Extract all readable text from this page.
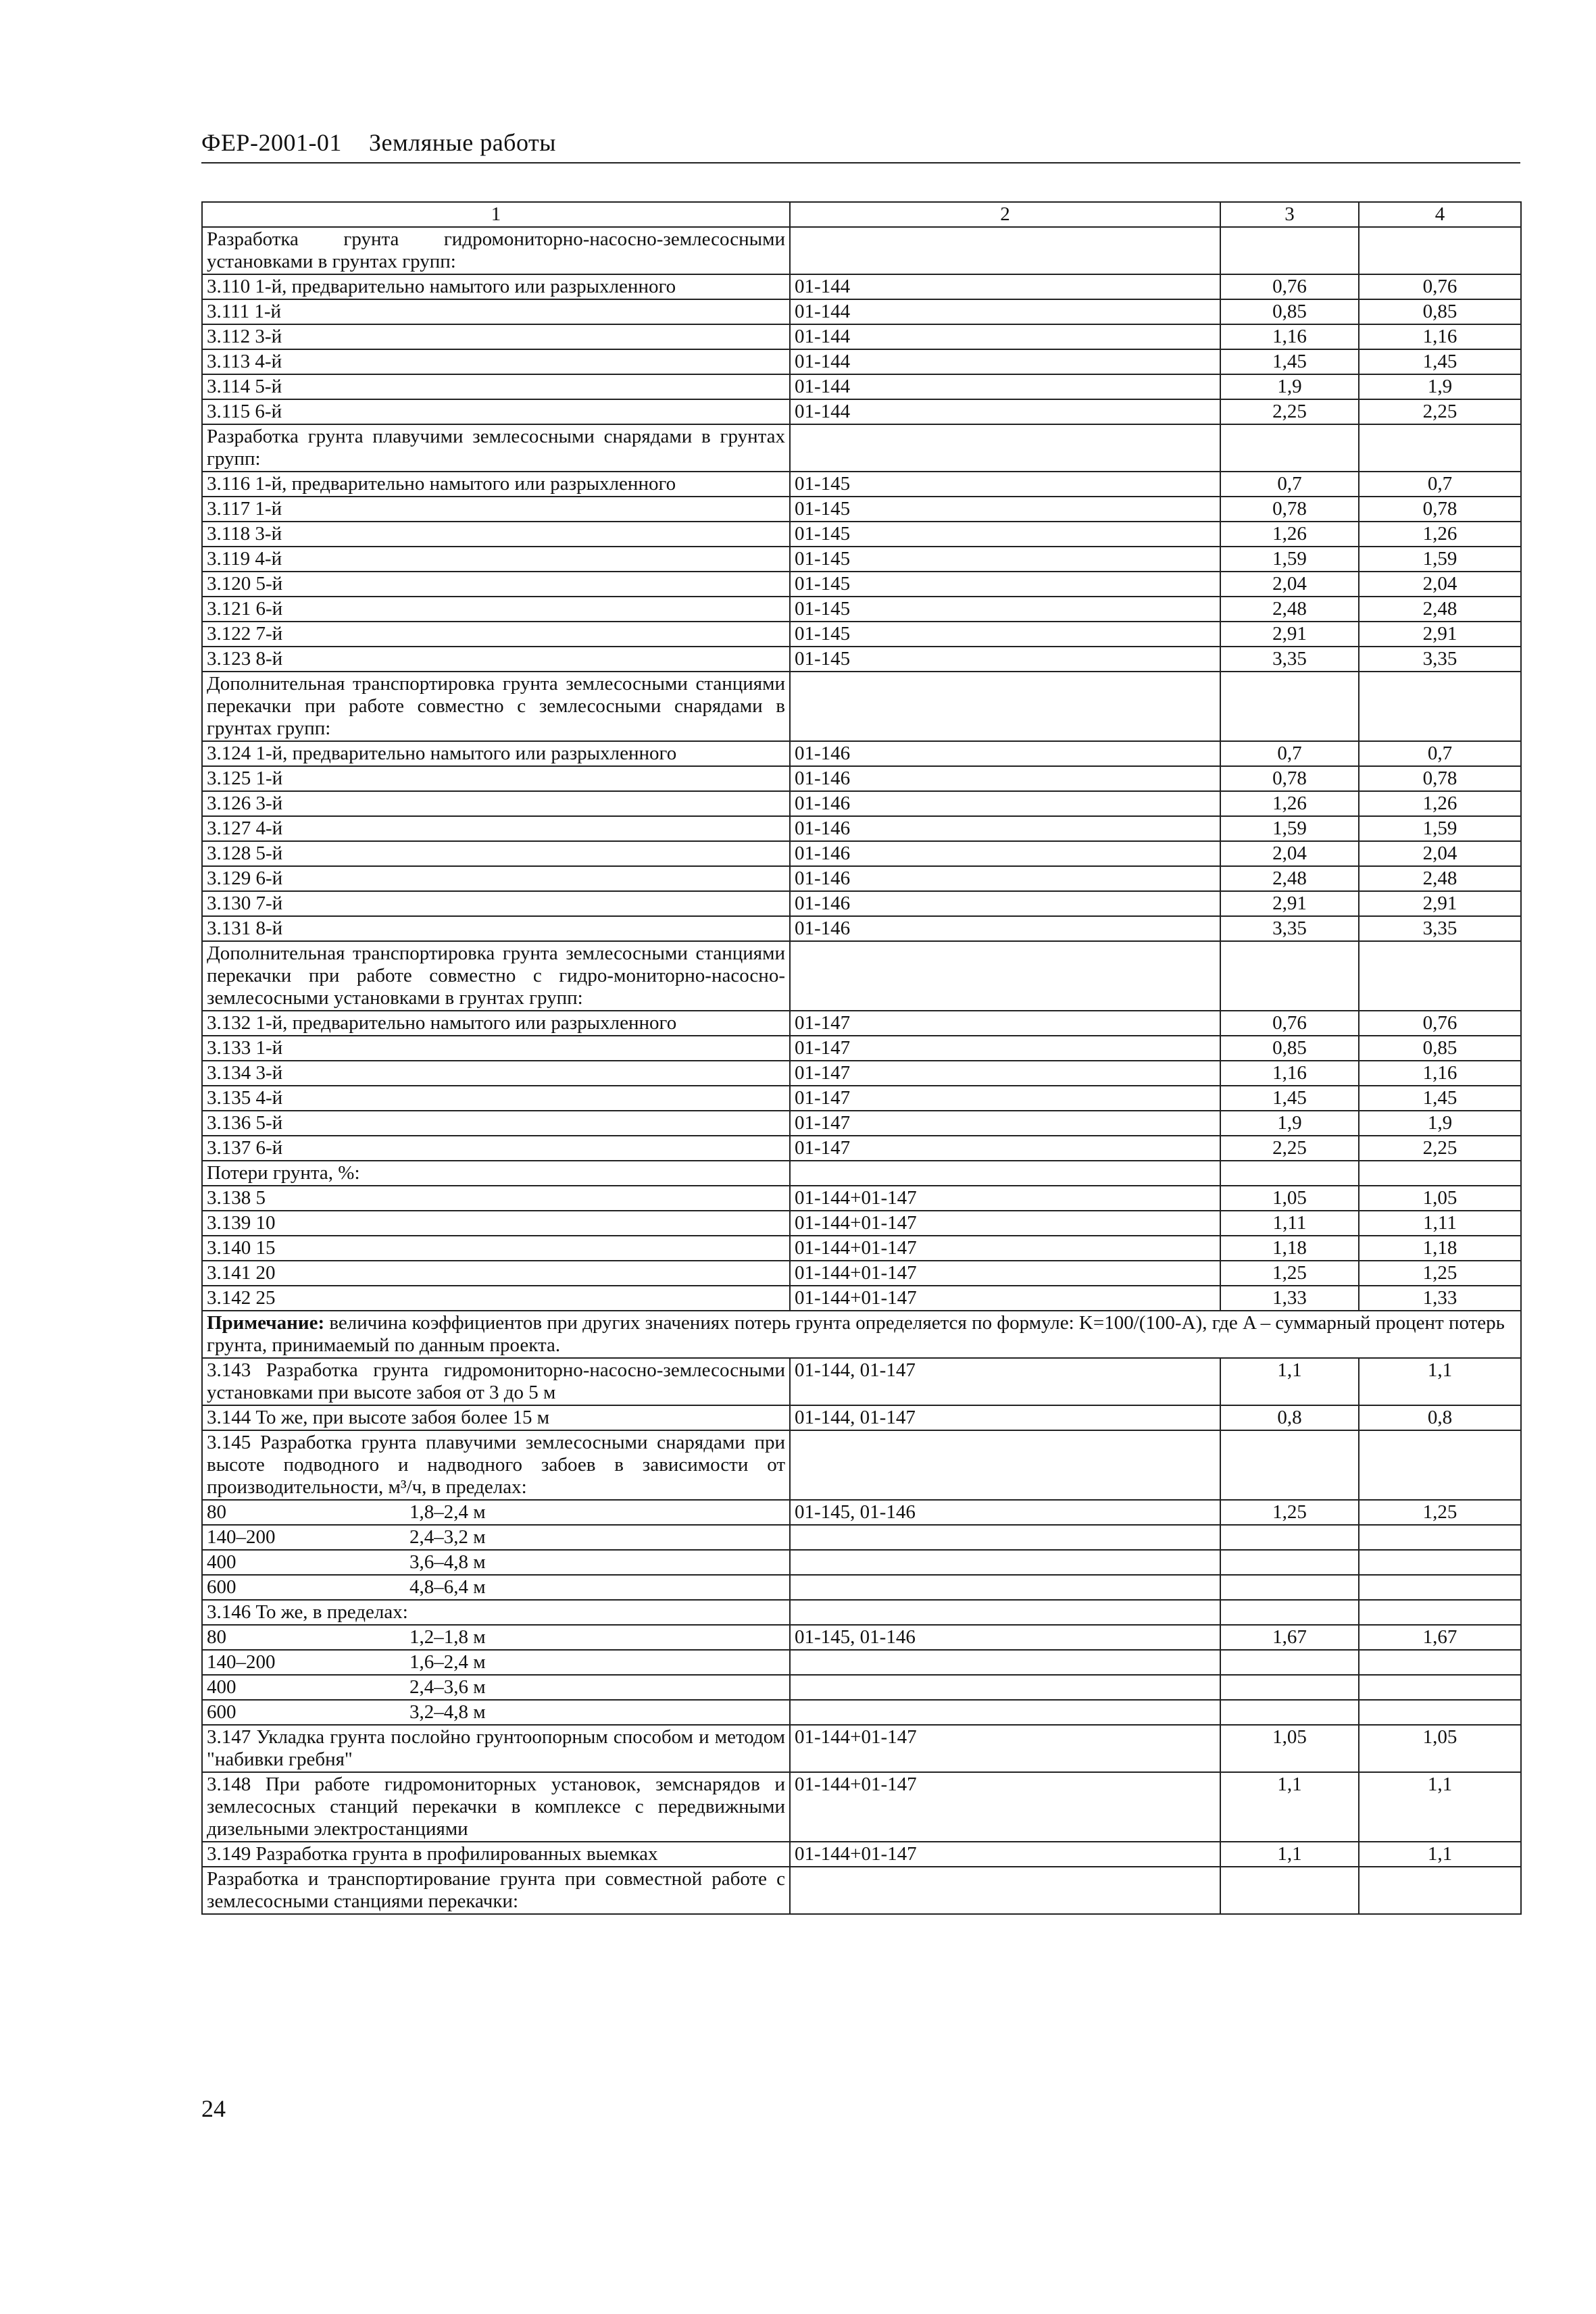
ФЕР-2001-01 Земляные работы
1	2	3	4
Разработка грунта гидромониторно-насосно-землесосными установками в грунтах групп:			
3.110 1-й, предварительно намытого или разрыхленного	01-144	0,76	0,76
3.111 1-й	01-144	0,85	0,85
3.112 3-й	01-144	1,16	1,16
3.113 4-й	01-144	1,45	1,45
3.114 5-й	01-144	1,9	1,9
3.115 6-й	01-144	2,25	2,25
Разработка грунта плавучими землесосными снарядами в грунтах групп:			
3.116 1-й, предварительно намытого или разрыхленного	01-145	0,7	0,7
3.117 1-й	01-145	0,78	0,78
3.118 3-й	01-145	1,26	1,26
3.119 4-й	01-145	1,59	1,59
3.120 5-й	01-145	2,04	2,04
3.121 6-й	01-145	2,48	2,48
3.122 7-й	01-145	2,91	2,91
3.123 8-й	01-145	3,35	3,35
Дополнительная транспортировка грунта землесосными станциями перекачки при работе совместно с землесосными снарядами в грунтах групп:			
3.124 1-й, предварительно намытого или разрыхленного	01-146	0,7	0,7
3.125 1-й	01-146	0,78	0,78
3.126 3-й	01-146	1,26	1,26
3.127 4-й	01-146	1,59	1,59
3.128 5-й	01-146	2,04	2,04
3.129 6-й	01-146	2,48	2,48
3.130 7-й	01-146	2,91	2,91
3.131 8-й	01-146	3,35	3,35
Дополнительная транспортировка грунта землесосными станциями перекачки при работе совместно с гидро-мониторно-насосно-землесосными установками в грунтах групп:			
3.132 1-й, предварительно намытого или разрыхленного	01-147	0,76	0,76
3.133 1-й	01-147	0,85	0,85
3.134 3-й	01-147	1,16	1,16
3.135 4-й	01-147	1,45	1,45
3.136 5-й	01-147	1,9	1,9
3.137 6-й	01-147	2,25	2,25
Потери грунта, %:			
3.138 5	01-144+01-147	1,05	1,05
3.139 10	01-144+01-147	1,11	1,11
3.140 15	01-144+01-147	1,18	1,18
3.141 20	01-144+01-147	1,25	1,25
3.142 25	01-144+01-147	1,33	1,33
Примечание: величина коэффициентов при других значениях потерь грунта определяется по формуле: K=100/(100-A), где A – суммарный процент потерь грунта, принимаемый по данным проекта.			
3.143 Разработка грунта гидромониторно-насосно-землесосными установками при высоте забоя от 3 до 5 м	01-144, 01-147	1,1	1,1
3.144 То же, при высоте забоя более 15 м	01-144, 01-147	0,8	0,8
3.145 Разработка грунта плавучими землесосными снарядами при высоте подводного и надводного забоев в зависимости от производительности, м³/ч, в пределах:			

80 1,8–2,4 м	01-145, 01-146	1,25	1,25

140–200 2,4–3,2 м			

400 3,6–4,8 м			

600 4,8–6,4 м			

3.146 То же, в пределах:			

80 1,2–1,8 м	01-145, 01-146	1,67	1,67

140–200 1,6–2,4 м			

400 2,4–3,6 м			

600 3,2–4,8 м			

3.147 Укладка грунта послойно грунтоопорным способом и методом "набивки гребня"	01-144+01-147	1,05	1,05
3.148 При работе гидромониторных установок, земснарядов и землесосных станций перекачки в комплексе с передвижными дизельными электростанциями	01-144+01-147	1,1	1,1
3.149 Разработка грунта в профилированных выемках	01-144+01-147	1,1	1,1
Разработка и транспортирование грунта при совместной работе с землесосными станциями перекачки:			
24
